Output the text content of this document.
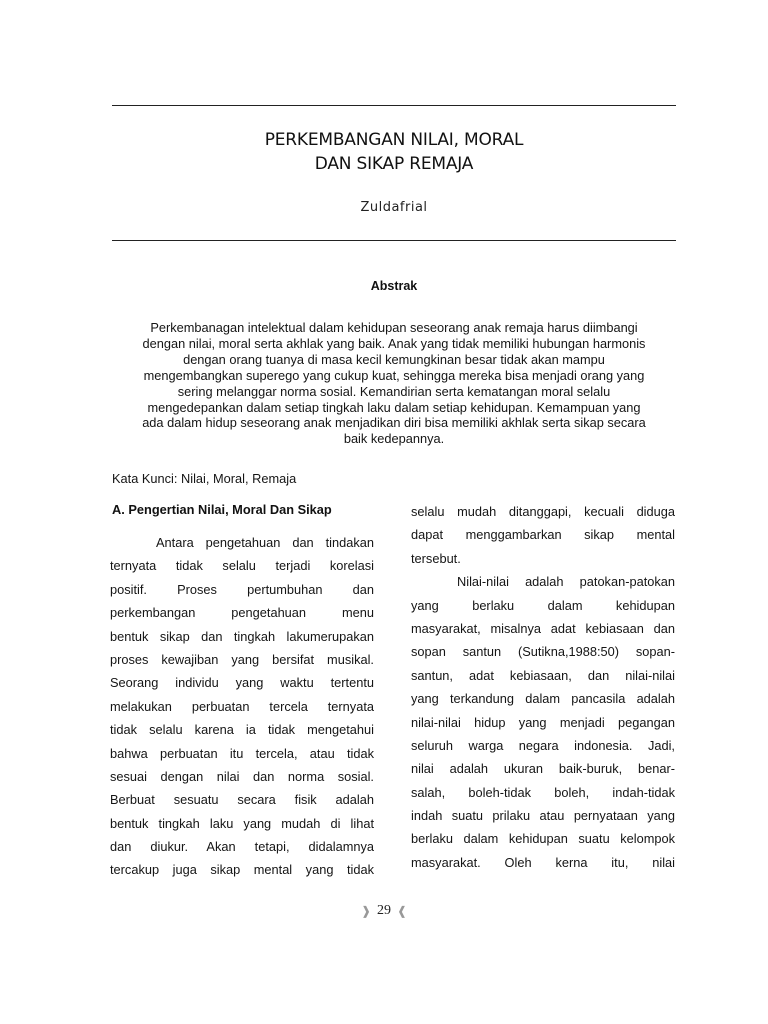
PERKEMBANGAN NILAI, MORAL
DAN SIKAP REMAJA
Zuldafrial
Abstrak
Perkembanagan intelektual dalam kehidupan seseorang anak remaja harus diimbangi
dengan nilai, moral serta akhlak yang baik. Anak yang tidak memiliki hubungan harmonis
dengan orang tuanya di masa kecil kemungkinan besar tidak akan mampu
mengembangkan superego yang cukup kuat, sehingga mereka bisa menjadi orang yang
sering melanggar norma sosial. Kemandirian serta kematangan moral selalu
mengedepankan dalam setiap tingkah laku dalam setiap kehidupan. Kemampuan yang
ada dalam hidup seseorang anak menjadikan diri bisa memiliki akhlak serta sikap secara
baik kedepannya.
Kata Kunci: Nilai, Moral, Remaja
A. Pengertian Nilai, Moral Dan Sikap
Antara pengetahuan dan tindakan
ternyata tidak selalu terjadi korelasi
positif. Proses pertumbuhan dan
perkembangan pengetahuan menu
bentuk sikap dan tingkah lakumerupakan
proses kewajiban yang bersifat musikal.
Seorang individu yang waktu tertentu
melakukan perbuatan tercela ternyata
tidak selalu karena ia tidak mengetahui
bahwa perbuatan itu tercela, atau tidak
sesuai dengan nilai dan norma sosial.
Berbuat sesuatu secara fisik adalah
bentuk tingkah laku yang mudah di lihat
dan diukur. Akan tetapi, didalamnya
tercakup juga sikap mental yang tidak
selalu mudah ditanggapi, kecuali diduga
dapat menggambarkan sikap mental
tersebut.
Nilai-nilai adalah patokan-patokan
yang berlaku dalam kehidupan
masyarakat, misalnya adat kebiasaan dan
sopan santun (Sutikna,1988:50) sopan-
santun, adat kebiasaan, dan nilai-nilai
yang terkandung dalam pancasila adalah
nilai-nilai hidup yang menjadi pegangan
seluruh warga negara indonesia. Jadi,
nilai adalah ukuran baik-buruk, benar-
salah, boleh-tidak boleh, indah-tidak
indah suatu prilaku atau pernyataan yang
berlaku dalam kehidupan suatu kelompok
masyarakat. Oleh kerna itu, nilai
❱ 29 ❰
